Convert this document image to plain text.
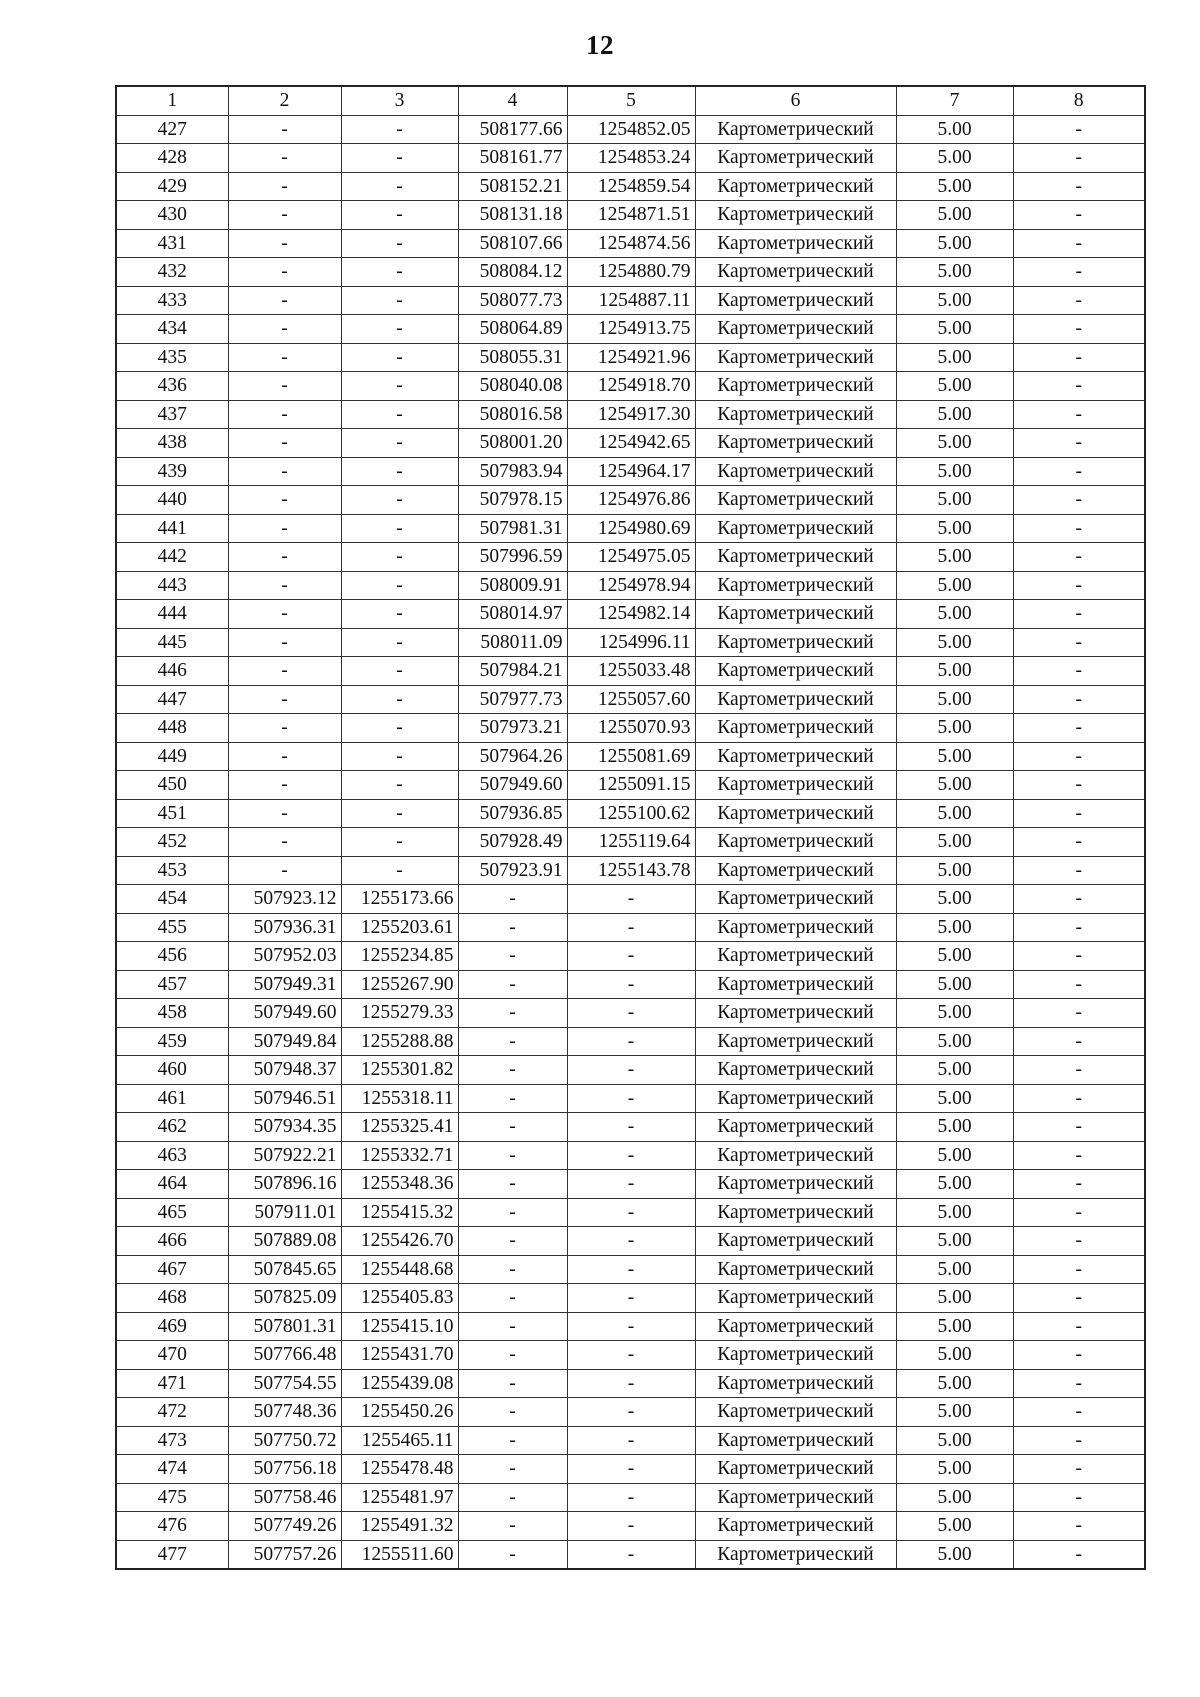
12
1	2	3	4	5	6	7	8
427	-	-	508177.66	1254852.05	Картометрический	5.00	-
428	-	-	508161.77	1254853.24	Картометрический	5.00	-
429	-	-	508152.21	1254859.54	Картометрический	5.00	-
430	-	-	508131.18	1254871.51	Картометрический	5.00	-
431	-	-	508107.66	1254874.56	Картометрический	5.00	-
432	-	-	508084.12	1254880.79	Картометрический	5.00	-
433	-	-	508077.73	1254887.11	Картометрический	5.00	-
434	-	-	508064.89	1254913.75	Картометрический	5.00	-
435	-	-	508055.31	1254921.96	Картометрический	5.00	-
436	-	-	508040.08	1254918.70	Картометрический	5.00	-
437	-	-	508016.58	1254917.30	Картометрический	5.00	-
438	-	-	508001.20	1254942.65	Картометрический	5.00	-
439	-	-	507983.94	1254964.17	Картометрический	5.00	-
440	-	-	507978.15	1254976.86	Картометрический	5.00	-
441	-	-	507981.31	1254980.69	Картометрический	5.00	-
442	-	-	507996.59	1254975.05	Картометрический	5.00	-
443	-	-	508009.91	1254978.94	Картометрический	5.00	-
444	-	-	508014.97	1254982.14	Картометрический	5.00	-
445	-	-	508011.09	1254996.11	Картометрический	5.00	-
446	-	-	507984.21	1255033.48	Картометрический	5.00	-
447	-	-	507977.73	1255057.60	Картометрический	5.00	-
448	-	-	507973.21	1255070.93	Картометрический	5.00	-
449	-	-	507964.26	1255081.69	Картометрический	5.00	-
450	-	-	507949.60	1255091.15	Картометрический	5.00	-
451	-	-	507936.85	1255100.62	Картометрический	5.00	-
452	-	-	507928.49	1255119.64	Картометрический	5.00	-
453	-	-	507923.91	1255143.78	Картометрический	5.00	-
454	507923.12	1255173.66	-	-	Картометрический	5.00	-
455	507936.31	1255203.61	-	-	Картометрический	5.00	-
456	507952.03	1255234.85	-	-	Картометрический	5.00	-
457	507949.31	1255267.90	-	-	Картометрический	5.00	-
458	507949.60	1255279.33	-	-	Картометрический	5.00	-
459	507949.84	1255288.88	-	-	Картометрический	5.00	-
460	507948.37	1255301.82	-	-	Картометрический	5.00	-
461	507946.51	1255318.11	-	-	Картометрический	5.00	-
462	507934.35	1255325.41	-	-	Картометрический	5.00	-
463	507922.21	1255332.71	-	-	Картометрический	5.00	-
464	507896.16	1255348.36	-	-	Картометрический	5.00	-
465	507911.01	1255415.32	-	-	Картометрический	5.00	-
466	507889.08	1255426.70	-	-	Картометрический	5.00	-
467	507845.65	1255448.68	-	-	Картометрический	5.00	-
468	507825.09	1255405.83	-	-	Картометрический	5.00	-
469	507801.31	1255415.10	-	-	Картометрический	5.00	-
470	507766.48	1255431.70	-	-	Картометрический	5.00	-
471	507754.55	1255439.08	-	-	Картометрический	5.00	-
472	507748.36	1255450.26	-	-	Картометрический	5.00	-
473	507750.72	1255465.11	-	-	Картометрический	5.00	-
474	507756.18	1255478.48	-	-	Картометрический	5.00	-
475	507758.46	1255481.97	-	-	Картометрический	5.00	-
476	507749.26	1255491.32	-	-	Картометрический	5.00	-
477	507757.26	1255511.60	-	-	Картометрический	5.00	-
